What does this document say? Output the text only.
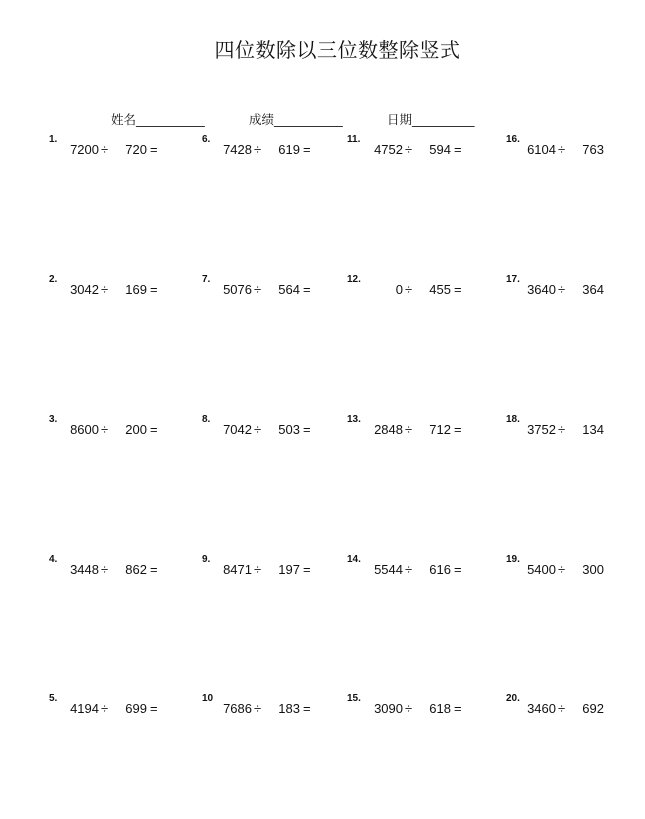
四位数除以三位数整除竖式
姓名___________	成绩___________	日期__________
1.
7200 ÷	720 =
2.
3042 ÷	169 =
3.
8600 ÷	200 =
4.
3448 ÷	862 =
5.
4194 ÷	699 =
6.
7428 ÷	619 =
7.
5076 ÷	564 =
8.
7042 ÷	503 =
9.
8471 ÷	197 =
10
7686 ÷	183 =
11.
4752 ÷	594 =
12.
0 ÷	455 =
13.
2848 ÷	712 =
14.
5544 ÷	616 =
15.
3090 ÷	618 =
16.
6104 ÷	763
17.
3640 ÷	364
18.
3752 ÷	134
19.
5400 ÷	300
20.
3460 ÷	692
